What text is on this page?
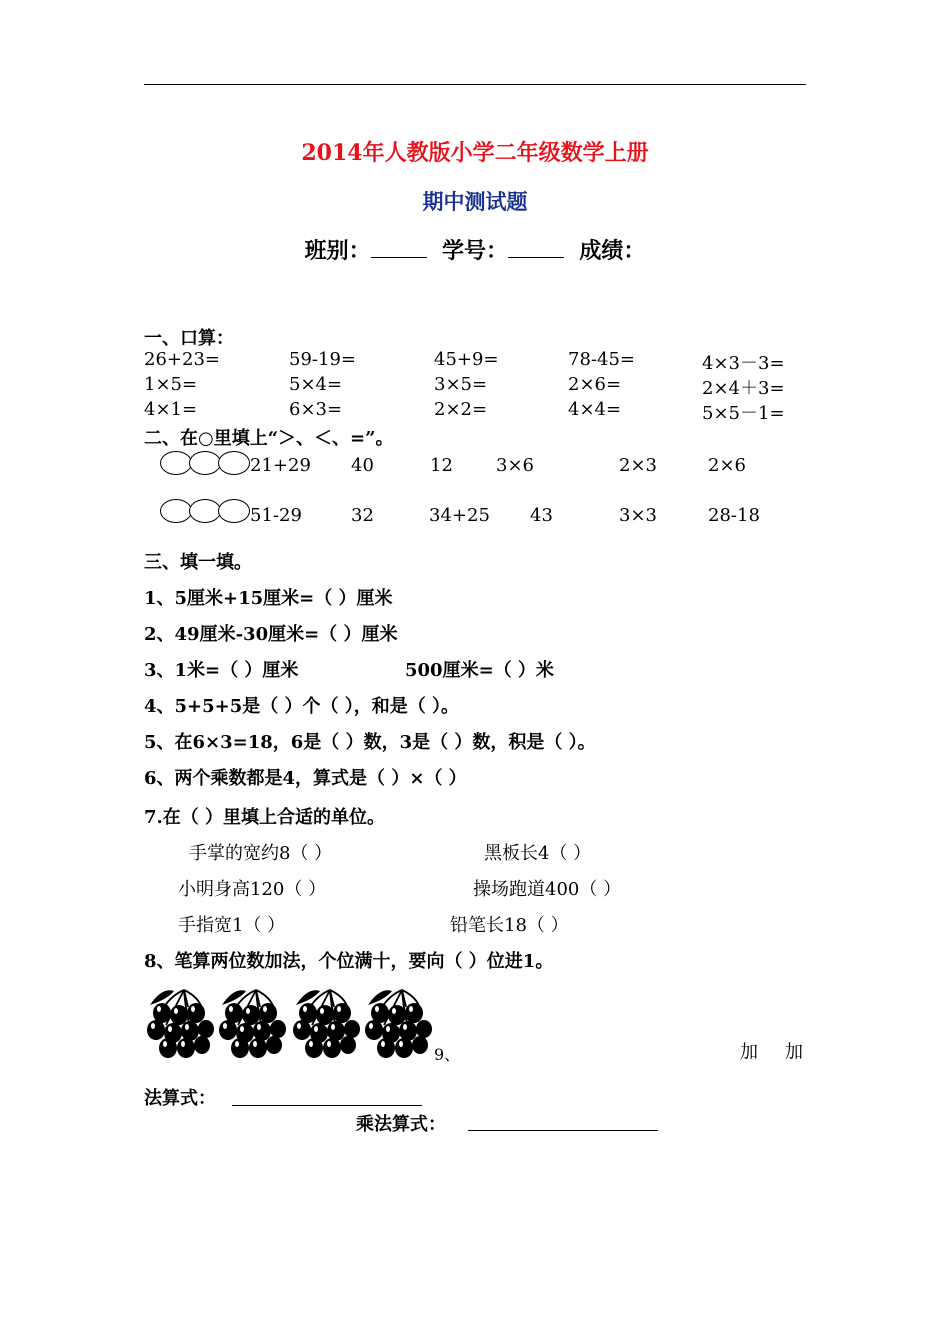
2014年人教版小学二年级数学上册
期中测试题
班别：	学号：	成绩：
一、口算：
26+23=	59-19=	45+9=	78-45=	4×3－3=
1×5=	5×4=	3×5=	2×6=	2×4＋3=
4×1=	6×3=	2×2=	4×4=	5×5－1=
二、在○里填上“＞、＜、=”。
21+29 40	12 3×6	2×3	2×6
51-29	32	34+25 43	3×3	28-18
三、填一填。
1、5厘米+15厘米=（ ）厘米
2、49厘米-30厘米=（ ）厘米
3、1米=（ ）厘米	500厘米=（ ）米
4、5+5+5是（ ）个（ ），和是（ ）。
5、在6×3=18，6是（ ）数，3是（ ）数，积是（ ）。
6、两个乘数都是4，算式是（ ）×（ ）
7.在（ ）里填上合适的单位。
手掌的宽约8（ ）	黑板长4（ ）
小明身高120（ ）	操场跑道400（ ）
手指宽1（ ）	铅笔长18（ ）
8、笔算两位数加法，个位满十，要向（ ）位进1。
9、	加 加
法算式：
乘法算式：
